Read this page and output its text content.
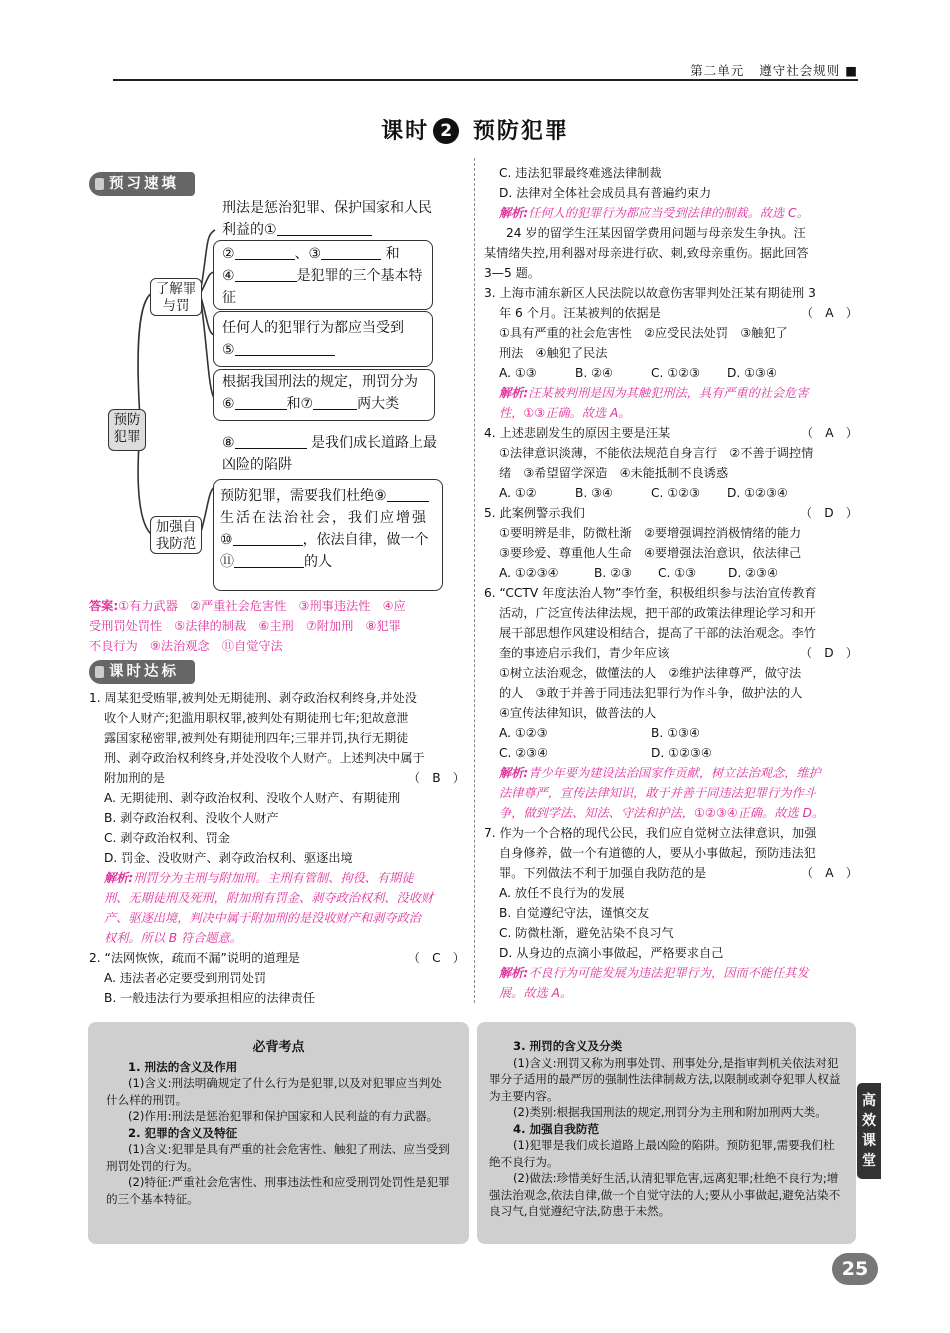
第二单元 遵守社会规则 ■
课时 2 预防犯罪
预习速填
预防犯罪
了解罪与罚
加强自我防范
刑法是惩治犯罪、保护国家和人民利益的①
②	、③	和
④	是犯罪的三个基本特征
任何人的犯罪行为都应当受到
⑤
根据我国刑法的规定，刑罚分为
⑥	和⑦	两大类
⑧	是我们成长道路上最凶险的陷阱
预防犯罪，需要我们杜绝⑨
生活在法治社会，我们应增强
⑩	，依法自律，做一个
⑪	的人
答案:①有力武器　②严重社会危害性　③刑事违法性　④应
受刑罚处罚性　⑤法律的制裁　⑥主刑　⑦附加刑　⑧犯罪
不良行为　⑨法治观念　⑪自觉守法
课时达标
1. 周某犯受贿罪,被判处无期徒刑、剥夺政治权利终身,并处没
收个人财产;犯滥用职权罪,被判处有期徒刑七年;犯故意泄
露国家秘密罪,被判处有期徒刑四年;三罪并罚,执行无期徒
刑、剥夺政治权利终身,并处没收个人财产。上述判决中属于
附加刑的是	（　B　）
A. 无期徒刑、剥夺政治权利、没收个人财产、有期徒刑
B. 剥夺政治权利、没收个人财产
C. 剥夺政治权利、罚金
D. 罚金、没收财产、剥夺政治权利、驱逐出境
解析:刑罚分为主刑与附加刑。主刑有管制、拘役、有期徒
刑、无期徒刑及死刑，附加刑有罚金、剥夺政治权利、没收财
产、驱逐出境，判决中属于附加刑的是没收财产和剥夺政治
权利。所以 B 符合题意。
2. “法网恢恢，疏而不漏”说明的道理是	（　C　）
A. 违法者必定要受到刑罚处罚
B. 一般违法行为要承担相应的法律责任
C. 违法犯罪最终难逃法律制裁
D. 法律对全体社会成员具有普遍约束力
解析:任何人的犯罪行为都应当受到法律的制裁。故选 C。
24 岁的留学生汪某因留学费用问题与母亲发生争执。汪
某情绪失控,用利器对母亲进行砍、刺,致母亲重伤。据此回答
3—5 题。
3. 上海市浦东新区人民法院以故意伤害罪判处汪某有期徒刑 3
年 6 个月。汪某被判的依据是	（　A　）
①具有严重的社会危害性　②应受民法处罚　③触犯了
刑法　④触犯了民法
A. ①③	B. ②④	C. ①②③ D. ①③④
解析:汪某被判刑是因为其触犯刑法，具有严重的社会危害
性，①③正确。故选 A。
4. 上述悲剧发生的原因主要是汪某	（　A　）
①法律意识淡薄，不能依法规范自身言行　②不善于调控情
绪　③希望留学深造　④未能抵制不良诱惑
A. ①②	B. ③④	C. ①②③ D. ①②③④
5. 此案例警示我们	（　D　）
①要明辨是非，防微杜渐　②要增强调控消极情绪的能力
③要珍爱、尊重他人生命　④要增强法治意识，依法律己
A. ①②③④	B. ②③ C. ①③	D. ②③④
6. “CCTV 年度法治人物”李竹奎，积极组织参与法治宣传教育
活动，广泛宣传法律法规，把干部的政策法律理论学习和开
展干部思想作风建设相结合，提高了干部的法治观念。李竹
奎的事迹启示我们，青少年应该	（　D　）
①树立法治观念，做懂法的人　②维护法律尊严，做守法
的人　③敢于并善于同违法犯罪行为作斗争，做护法的人
④宣传法律知识，做普法的人
A. ①②③	B. ①③④
C. ②③④	D. ①②③④
解析:青少年要为建设法治国家作贡献，树立法治观念，维护
法律尊严，宣传法律知识，敢于并善于同违法犯罪行为作斗
争，做到学法、知法、守法和护法，①②③④正确。故选 D。
7. 作为一个合格的现代公民，我们应自觉树立法律意识，加强
自身修养，做一个有道德的人，要从小事做起，预防违法犯
罪。下列做法不利于加强自我防范的是	（　A　）
A. 放任不良行为的发展
B. 自觉遵纪守法，谨慎交友
C. 防微杜渐，避免沾染不良习气
D. 从身边的点滴小事做起，严格要求自己
解析:不良行为可能发展为违法犯罪行为，因而不能任其发
展。故选 A。
必背考点
1. 刑法的含义及作用
(1)含义:刑法明确规定了什么行为是犯罪,以及对犯罪应当判处什么样的刑罚。
(2)作用:刑法是惩治犯罪和保护国家和人民利益的有力武器。
2. 犯罪的含义及特征
(1)含义:犯罪是具有严重的社会危害性、触犯了刑法、应当受到刑罚处罚的行为。
(2)特征:严重社会危害性、刑事违法性和应受刑罚处罚性是犯罪的三个基本特征。
3. 刑罚的含义及分类
(1)含义:刑罚又称为刑事处罚、刑事处分,是指审判机关依法对犯罪分子适用的最严厉的强制性法律制裁方法,以限制或剥夺犯罪人权益为主要内容。
(2)类别:根据我国刑法的规定,刑罚分为主刑和附加刑两大类。
4. 加强自我防范
(1)犯罪是我们成长道路上最凶险的陷阱。预防犯罪,需要我们杜绝不良行为。
(2)做法:珍惜美好生活,认清犯罪危害,远离犯罪;杜绝不良行为;增强法治观念,依法自律,做一个自觉守法的人;要从小事做起,避免沾染不良习气,自觉遵纪守法,防患于未然。
高效课堂
25
